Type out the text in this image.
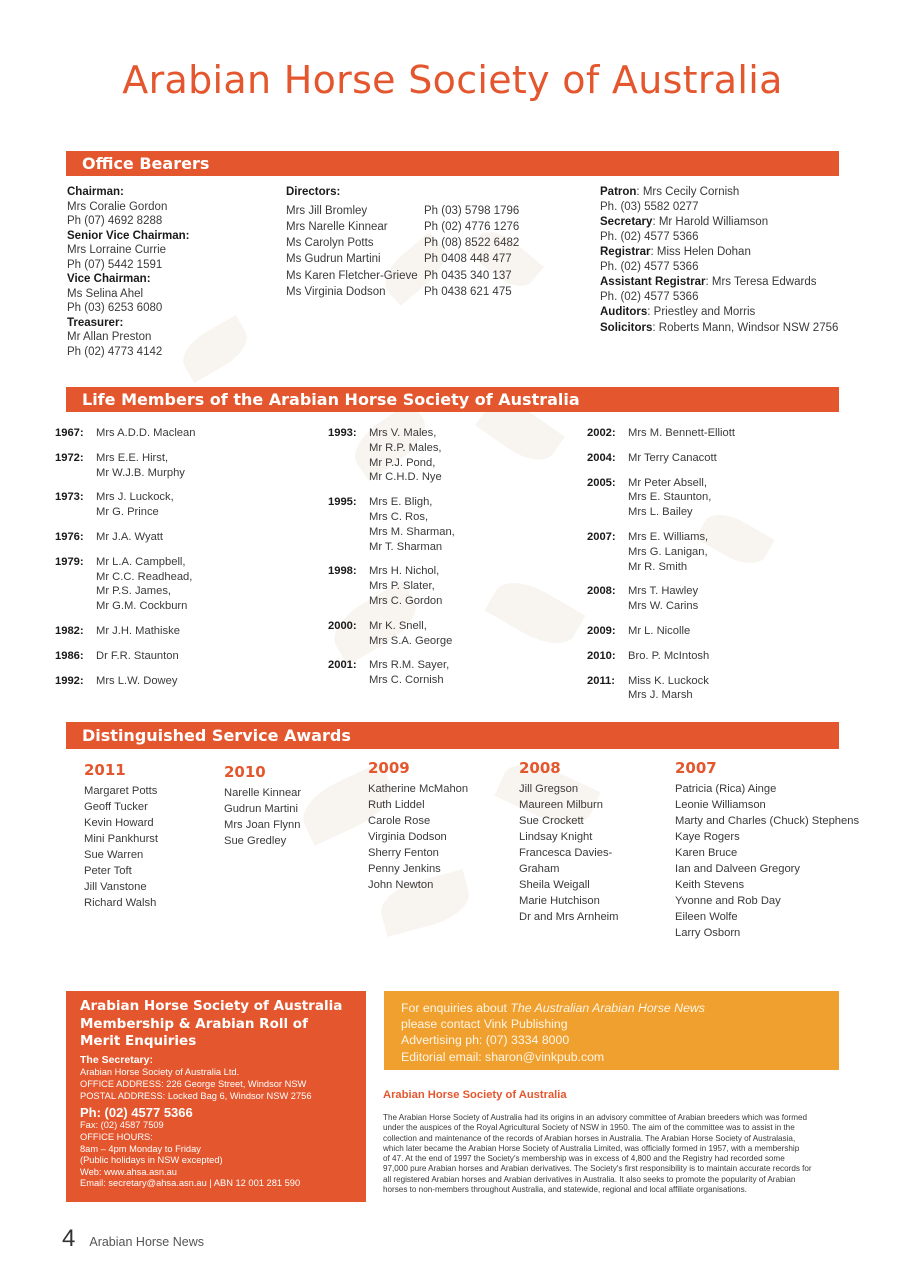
Arabian Horse Society of Australia
Office Bearers
Chairman:
Mrs Coralie Gordon
Ph (07) 4692 8288
Senior Vice Chairman:
Mrs Lorraine Currie
Ph (07) 5442 1591
Vice Chairman:
Ms Selina Ahel
Ph (03) 6253 6080
Treasurer:
Mr Allan Preston
Ph (02) 4773 4142
Directors:
Mrs Jill Bromley	Ph (03) 5798 1796
Mrs Narelle Kinnear	Ph (02) 4776 1276
Ms Carolyn Potts	Ph (08) 8522 6482
Ms Gudrun Martini	Ph 0408 448 477
Ms Karen Fletcher-Grieve Ph 0435 340 137
Ms Virginia Dodson	Ph 0438 621 475
Patron: Mrs Cecily Cornish
Ph. (03) 5582 0277
Secretary: Mr Harold Williamson
Ph. (02) 4577 5366
Registrar: Miss Helen Dohan
Ph. (02) 4577 5366
Assistant Registrar: Mrs Teresa Edwards
Ph. (02) 4577 5366
Auditors: Priestley and Morris
Solicitors: Roberts Mann, Windsor NSW 2756
Life Members of the Arabian Horse Society of Australia
1967:	Mrs A.D.D. Maclean
1972:	Mrs E.E. Hirst,
Mr W.J.B. Murphy
1973:	Mrs J. Luckock,
Mr G. Prince
1976:	Mr J.A. Wyatt
1979:	Mr L.A. Campbell,
Mr C.C. Readhead,
Mr P.S. James,
Mr G.M. Cockburn
1982:	Mr J.H. Mathiske
1986:	Dr F.R. Staunton
1992:	Mrs L.W. Dowey
1993:	Mrs V. Males,
Mr R.P. Males,
Mr P.J. Pond,
Mr C.H.D. Nye
1995:	Mrs E. Bligh,
Mrs C. Ros,
Mrs M. Sharman,
Mr T. Sharman
1998:	Mrs H. Nichol,
Mrs P. Slater,
Mrs C. Gordon
2000:	Mr K. Snell,
Mrs S.A. George
2001:	Mrs R.M. Sayer,
Mrs C. Cornish
2002:	Mrs M. Bennett-Elliott
2004:	Mr Terry Canacott
2005:	Mr Peter Absell,
Mrs E. Staunton,
Mrs L. Bailey
2007:	Mrs E. Williams,
Mrs G. Lanigan,
Mr R. Smith
2008:	Mrs T. Hawley
Mrs W. Carins
2009:	Mr L. Nicolle
2010:	Bro. P. McIntosh
2011:	Miss K. Luckock
Mrs J. Marsh
Distinguished Service Awards
2011
Margaret Potts
Geoff Tucker
Kevin Howard
Mini Pankhurst
Sue Warren
Peter Toft
Jill Vanstone
Richard Walsh
2010
Narelle Kinnear
Gudrun Martini
Mrs Joan Flynn
Sue Gredley
2009
Katherine McMahon
Ruth Liddel
Carole Rose
Virginia Dodson
Sherry Fenton
Penny Jenkins
John Newton
2008
Jill Gregson
Maureen Milburn
Sue Crockett
Lindsay Knight
Francesca Davies-Graham
Sheila Weigall
Marie Hutchison
Dr and Mrs Arnheim
2007
Patricia (Rica) Ainge
Leonie Williamson
Marty and Charles (Chuck) Stephens
Kaye Rogers
Karen Bruce
Ian and Dalveen Gregory
Keith Stevens
Yvonne and Rob Day
Eileen Wolfe
Larry Osborn
Arabian Horse Society of Australia
Membership & Arabian Roll of
Merit Enquiries
The Secretary:
Arabian Horse Society of Australia Ltd.
OFFICE ADDRESS: 226 George Street, Windsor NSW
POSTAL ADDRESS: Locked Bag 6, Windsor NSW 2756
Ph: (02) 4577 5366
Fax: (02) 4587 7509
OFFICE HOURS:
8am – 4pm Monday to Friday
(Public holidays in NSW excepted)
Web: www.ahsa.asn.au
Email: secretary@ahsa.asn.au | ABN 12 001 281 590
For enquiries about The Australian Arabian Horse News
please contact Vink Publishing
Advertising ph: (07) 3334 8000
Editorial email: sharon@vinkpub.com
Arabian Horse Society of Australia
The Arabian Horse Society of Australia had its origins in an advisory committee of Arabian breeders which was formed
under the auspices of the Royal Agricultural Society of NSW in 1950. The aim of the committee was to assist in the
collection and maintenance of the records of Arabian horses in Australia. The Arabian Horse Society of Australasia,
which later became the Arabian Horse Society of Australia Limited, was officially formed in 1957, with a membership
of 47. At the end of 1997 the Society's membership was in excess of 4,800 and the Registry had recorded some
97,000 pure Arabian horses and Arabian derivatives. The Society's first responsibility is to maintain accurate records for
all registered Arabian horses and Arabian derivatives in Australia. It also seeks to promote the popularity of Arabian
horses to non-members throughout Australia, and statewide, regional and local affiliate organisations.
4 Arabian Horse News
